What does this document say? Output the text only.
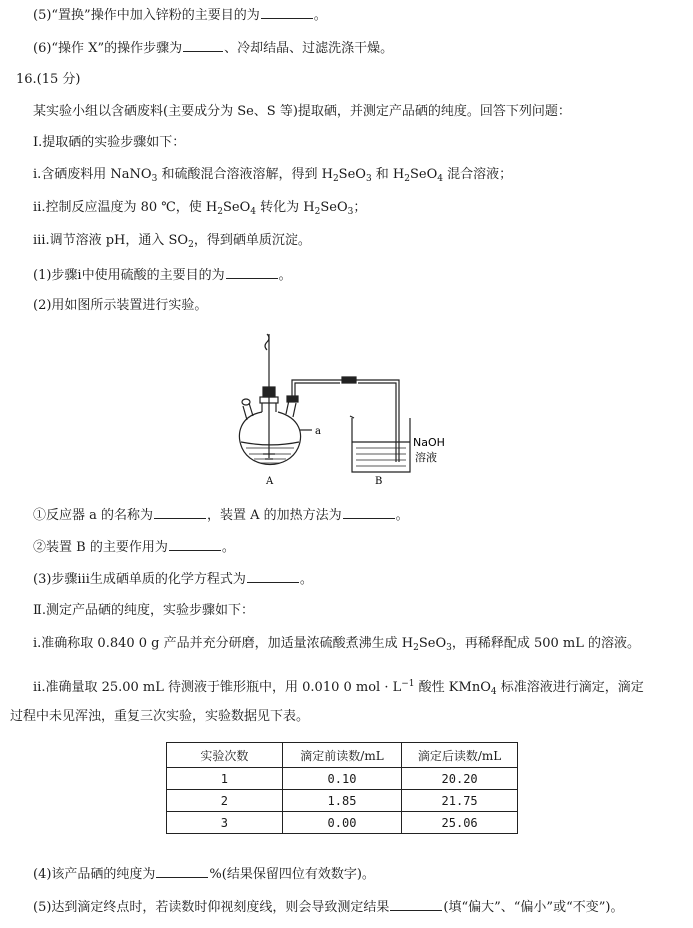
(5)“置换”操作中加入锌粉的主要目的为	。
(6)“操作 X”的操作步骤为	、冷却结晶、过滤洗涤干燥。
16.(15 分)
某实验小组以含硒废料(主要成分为 Se、S 等)提取硒，并测定产品硒的纯度。回答下列问题：
Ⅰ.提取硒的实验步骤如下：
ⅰ.含硒废料用 NaNO$_3$ 和硫酸混合溶液溶解，得到 $H_2SeO_3$ 和 $H_2SeO_4$ 混合溶液；
ⅱ.控制反应温度为 80 ℃，使 $H_2SeO_4$ 转化为 $H_2SeO_3$；
ⅲ.调节溶液 pH，通入 $SO_2$，得到硒单质沉淀。
(1)步骤ⅰ中使用硫酸的主要目的为	。
(2)用如图所示装置进行实验。
a
A	B
NaOH
溶液
①反应器 a 的名称为	，装置 A 的加热方法为	。
②装置 B 的主要作用为	。
(3)步骤ⅲ生成硒单质的化学方程式为	。
Ⅱ.测定产品硒的纯度，实验步骤如下：
ⅰ.准确称取 0.840 0 g 产品并充分研磨，加适量浓硫酸煮沸生成 $H_2SeO_3$，再稀释配成 500 mL 的溶液。
ⅱ.准确量取 25.00 mL 待测液于锥形瓶中，用 0.010 0 mol · $L^{-1}$ 酸性 KMnO$_4$ 标准溶液进行滴定，滴定
过程中未见浑浊，重复三次实验，实验数据见下表。
实验次数	滴定前读数/mL	滴定后读数/mL
1	0.10	20.20
2	1.85	21.75
3	0.00	25.06
(4)该产品硒的纯度为	%(结果保留四位有效数字)。
(5)达到滴定终点时，若读数时仰视刻度线，则会导致测定结果	(填“偏大”、“偏小”或“不变”)。
